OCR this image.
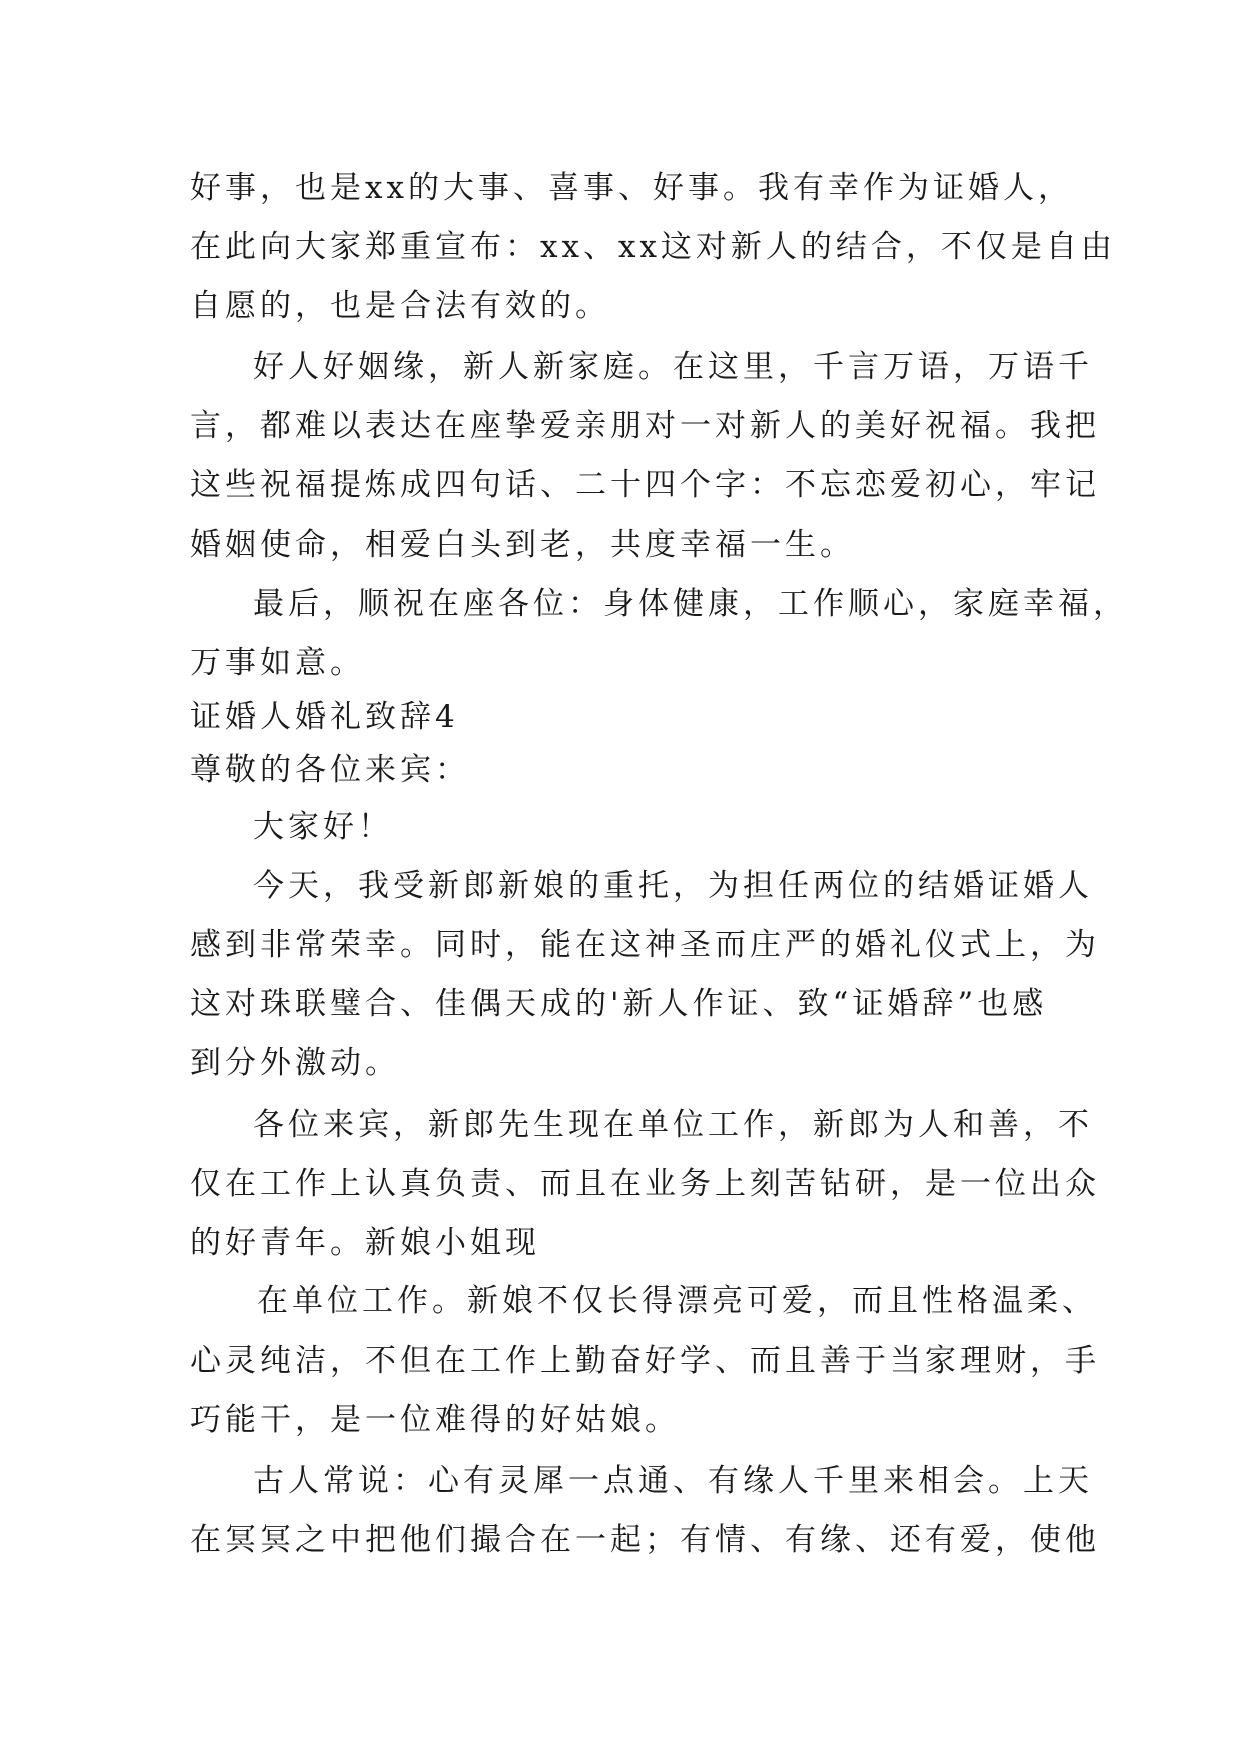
好事，也是xx的大事、喜事、好事。我有幸作为证婚人，
在此向大家郑重宣布：xx、xx这对新人的结合，不仅是自由
自愿的，也是合法有效的。
好人好姻缘，新人新家庭。在这里，千言万语，万语千
言，都难以表达在座挚爱亲朋对一对新人的美好祝福。我把
这些祝福提炼成四句话、二十四个字：不忘恋爱初心，牢记
婚姻使命，相爱白头到老，共度幸福一生。
最后，顺祝在座各位：身体健康，工作顺心，家庭幸福，
万事如意。
证婚人婚礼致辞4
尊敬的各位来宾：
大家好！
今天，我受新郎新娘的重托，为担任两位的结婚证婚人
感到非常荣幸。同时，能在这神圣而庄严的婚礼仪式上，为
这对珠联璧合、佳偶天成的'新人作证、致“证婚辞”也感
到分外激动。
各位来宾，新郎先生现在单位工作，新郎为人和善，不
仅在工作上认真负责、而且在业务上刻苦钻研，是一位出众
的好青年。新娘小姐现
在单位工作。新娘不仅长得漂亮可爱，而且性格温柔、
心灵纯洁，不但在工作上勤奋好学、而且善于当家理财，手
巧能干，是一位难得的好姑娘。
古人常说：心有灵犀一点通、有缘人千里来相会。上天
在冥冥之中把他们撮合在一起；有情、有缘、还有爱，使他
